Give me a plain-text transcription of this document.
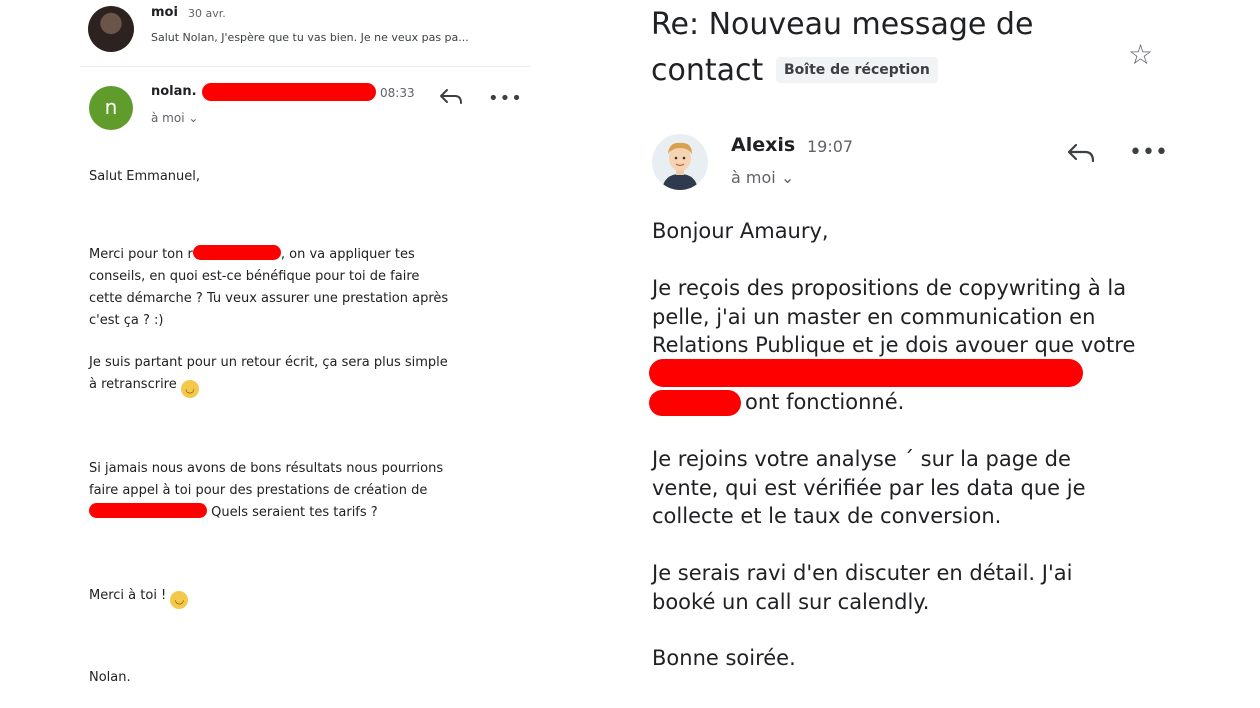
moi 30 avr.
Salut Nolan, J'espère que tu vas bien. Je ne veux pas pa...
n
nolan.	08:33
à moi ⌄
•••
Salut Emmanuel,
Merci pour ton r	, on va appliquer tes
conseils, en quoi est-ce bénéfique pour toi de faire
cette démarche ? Tu veux assurer une prestation après
c'est ça ? :)
Je suis partant pour un retour écrit, ça sera plus simple
à retranscrire ◡
Si jamais nous avons de bons résultats nous pourrions
faire appel à toi pour des prestations de création de
Quels seraient tes tarifs ?
Merci à toi ! ◡
Nolan.
Re: Nouveau message de
contact	Boîte de réception	☆
Alexis 19:07
à moi ⌄
•••
Bonjour Amaury,
Je reçois des propositions de copywriting à la
pelle, j'ai un master en communication en
Relations Publique et je dois avouer que votre
ont fonctionné.
Je rejoins votre analyse ´ sur la page de
vente, qui est vérifiée par les data que je
collecte et le taux de conversion.
Je serais ravi d'en discuter en détail. J'ai
booké un call sur calendly.
Bonne soirée.
